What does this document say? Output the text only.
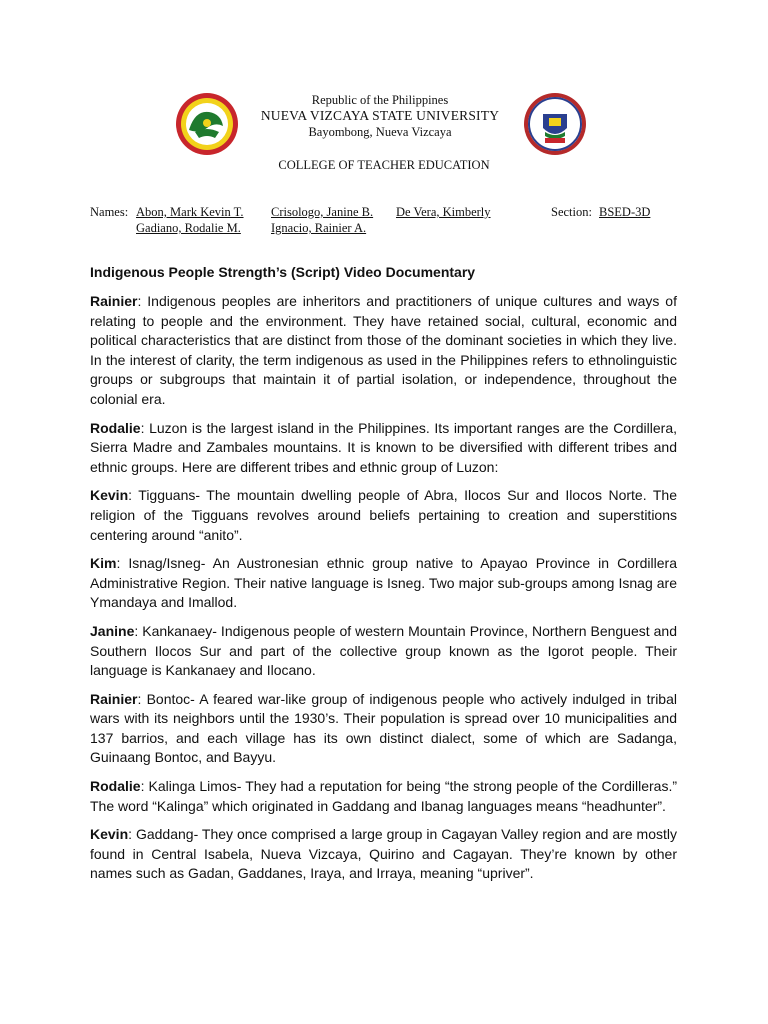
Republic of the Philippines
NUEVA VIZCAYA STATE UNIVERSITY
Bayombong, Nueva Vizcaya
COLLEGE OF TEACHER EDUCATION
Names: Abon, Mark Kevin T. Crisologo, Janine B. De Vera, Kimberly	Section: BSED-3D
Gadiano, Rodalie M. Ignacio, Rainier A.
Indigenous People Strength’s (Script) Video Documentary

Rainier: Indigenous peoples are inheritors and practitioners of unique cultures and ways of relating to people and the environment. They have retained social, cultural, economic and political characteristics that are distinct from those of the dominant societies in which they live. In the interest of clarity, the term indigenous as used in the Philippines refers to ethnolinguistic groups or subgroups that maintain it of partial isolation, or independence, throughout the colonial era.

Rodalie: Luzon is the largest island in the Philippines. Its important ranges are the Cordillera, Sierra Madre and Zambales mountains. It is known to be diversified with different tribes and ethnic groups. Here are different tribes and ethnic group of Luzon:

Kevin: Tigguans- The mountain dwelling people of Abra, Ilocos Sur and Ilocos Norte. The religion of the Tigguans revolves around beliefs pertaining to creation and superstitions centering around “anito”.

Kim: Isnag/Isneg- An Austronesian ethnic group native to Apayao Province in Cordillera Administrative Region. Their native language is Isneg. Two major sub-groups among Isnag are Ymandaya and Imallod.

Janine: Kankanaey- Indigenous people of western Mountain Province, Northern Benguest and Southern Ilocos Sur and part of the collective group known as the Igorot people. Their language is Kankanaey and Ilocano.

Rainier: Bontoc- A feared war-like group of indigenous people who actively indulged in tribal wars with its neighbors until the 1930’s. Their population is spread over 10 municipalities and 137 barrios, and each village has its own distinct dialect, some of which are Sadanga, Guinaang Bontoc, and Bayyu.

Rodalie: Kalinga Limos- They had a reputation for being “the strong people of the Cordilleras.” The word “Kalinga” which originated in Gaddang and Ibanag languages means “headhunter”.

Kevin: Gaddang- They once comprised a large group in Cagayan Valley region and are mostly found in Central Isabela, Nueva Vizcaya, Quirino and Cagayan. They’re known by other names such as Gadan, Gaddanes, Iraya, and Irraya, meaning “upriver”.
